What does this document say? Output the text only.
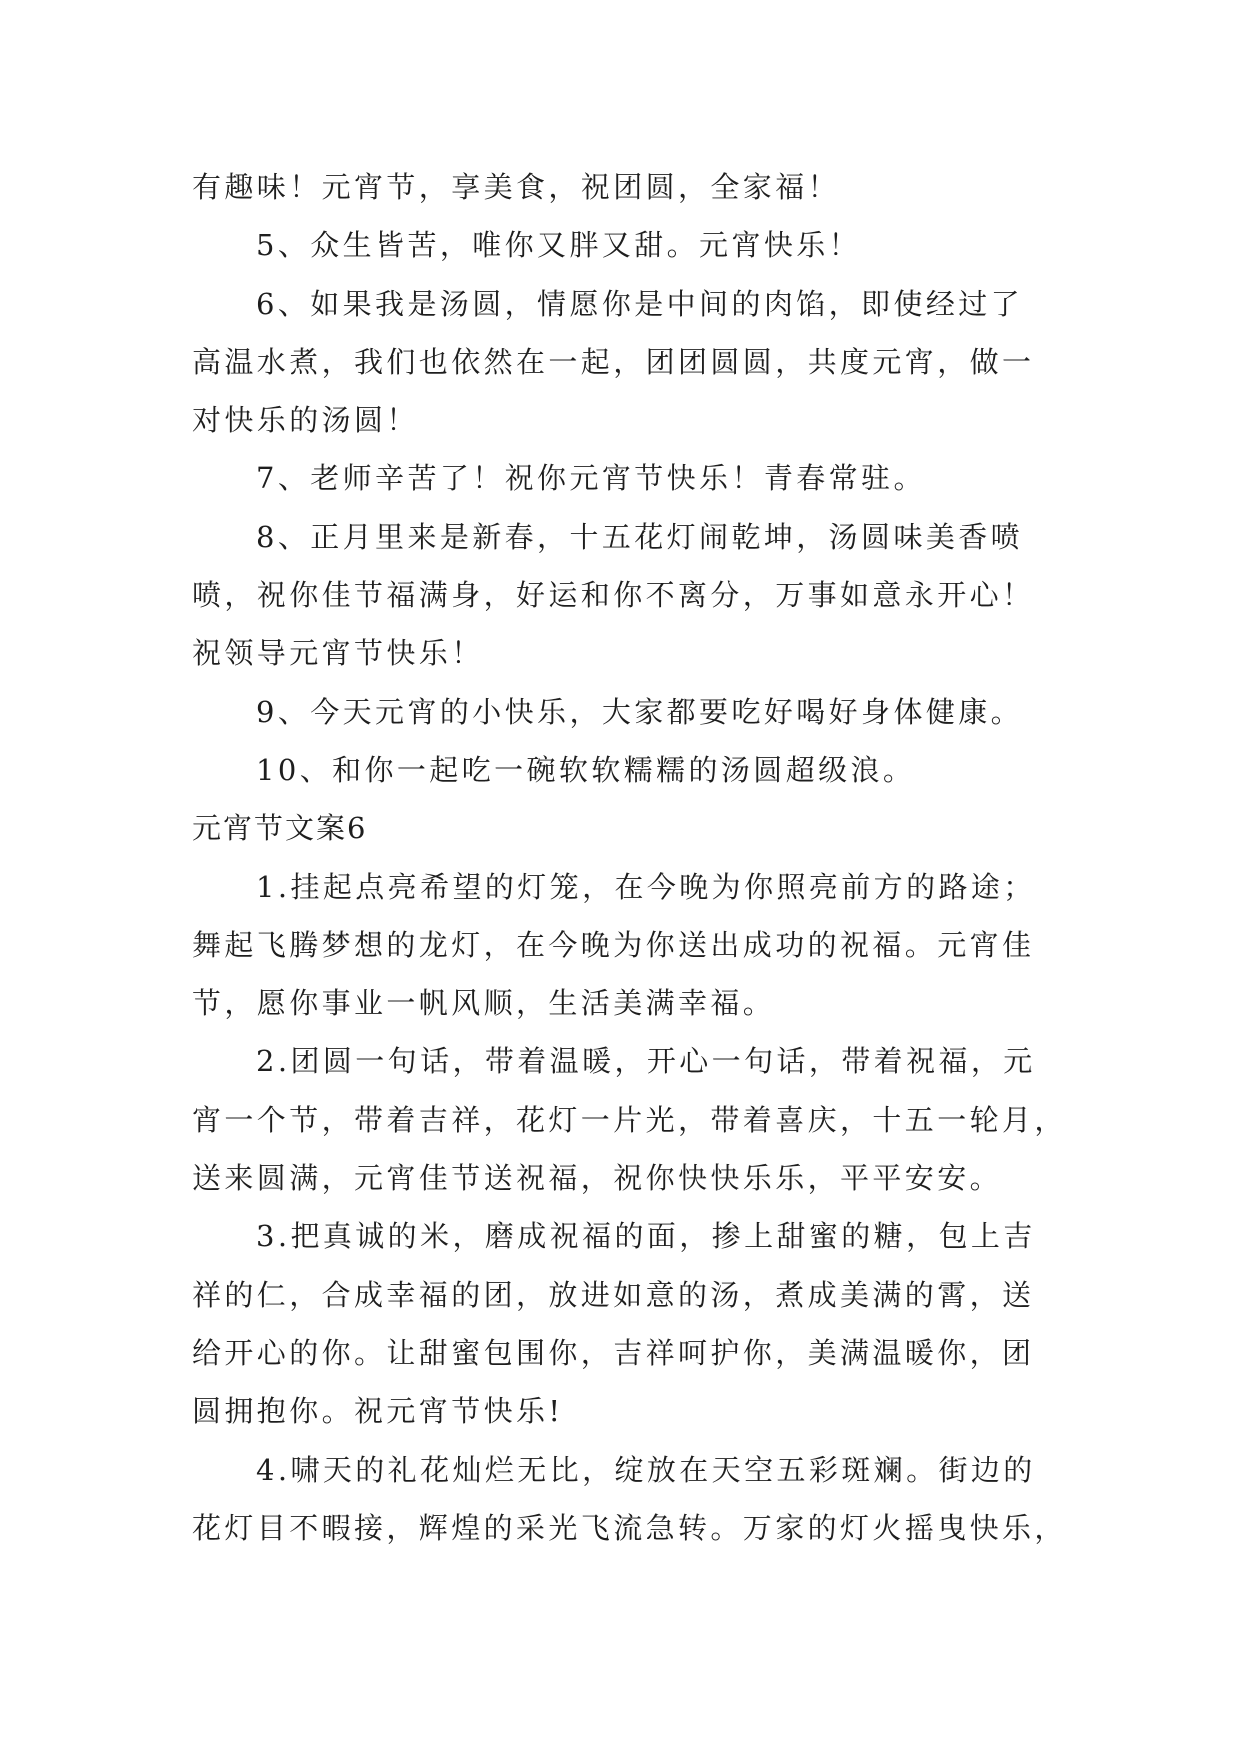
有趣味！元宵节，享美食，祝团圆，全家福！

5、众生皆苦，唯你又胖又甜。元宵快乐！

6、如果我是汤圆，情愿你是中间的肉馅，即使经过了

高温水煮，我们也依然在一起，团团圆圆，共度元宵，做一

对快乐的汤圆！

7、老师辛苦了！祝你元宵节快乐！青春常驻。

8、正月里来是新春，十五花灯闹乾坤，汤圆味美香喷

喷，祝你佳节福满身，好运和你不离分，万事如意永开心！

祝领导元宵节快乐！

9、今天元宵的小快乐，大家都要吃好喝好身体健康。

10、和你一起吃一碗软软糯糯的汤圆超级浪。

元宵节文案6

1.挂起点亮希望的灯笼，在今晚为你照亮前方的路途；

舞起飞腾梦想的龙灯，在今晚为你送出成功的祝福。元宵佳

节，愿你事业一帆风顺，生活美满幸福。

2.团圆一句话，带着温暖，开心一句话，带着祝福，元

宵一个节，带着吉祥，花灯一片光，带着喜庆，十五一轮月，

送来圆满，元宵佳节送祝福，祝你快快乐乐，平平安安。

3.把真诚的米，磨成祝福的面，掺上甜蜜的糖，包上吉

祥的仁，合成幸福的团，放进如意的汤，煮成美满的霄，送

给开心的你。让甜蜜包围你，吉祥呵护你，美满温暖你，团

圆拥抱你。祝元宵节快乐!

4.啸天的礼花灿烂无比，绽放在天空五彩斑斓。街边的

花灯目不暇接，辉煌的采光飞流急转。万家的灯火摇曳快乐，
